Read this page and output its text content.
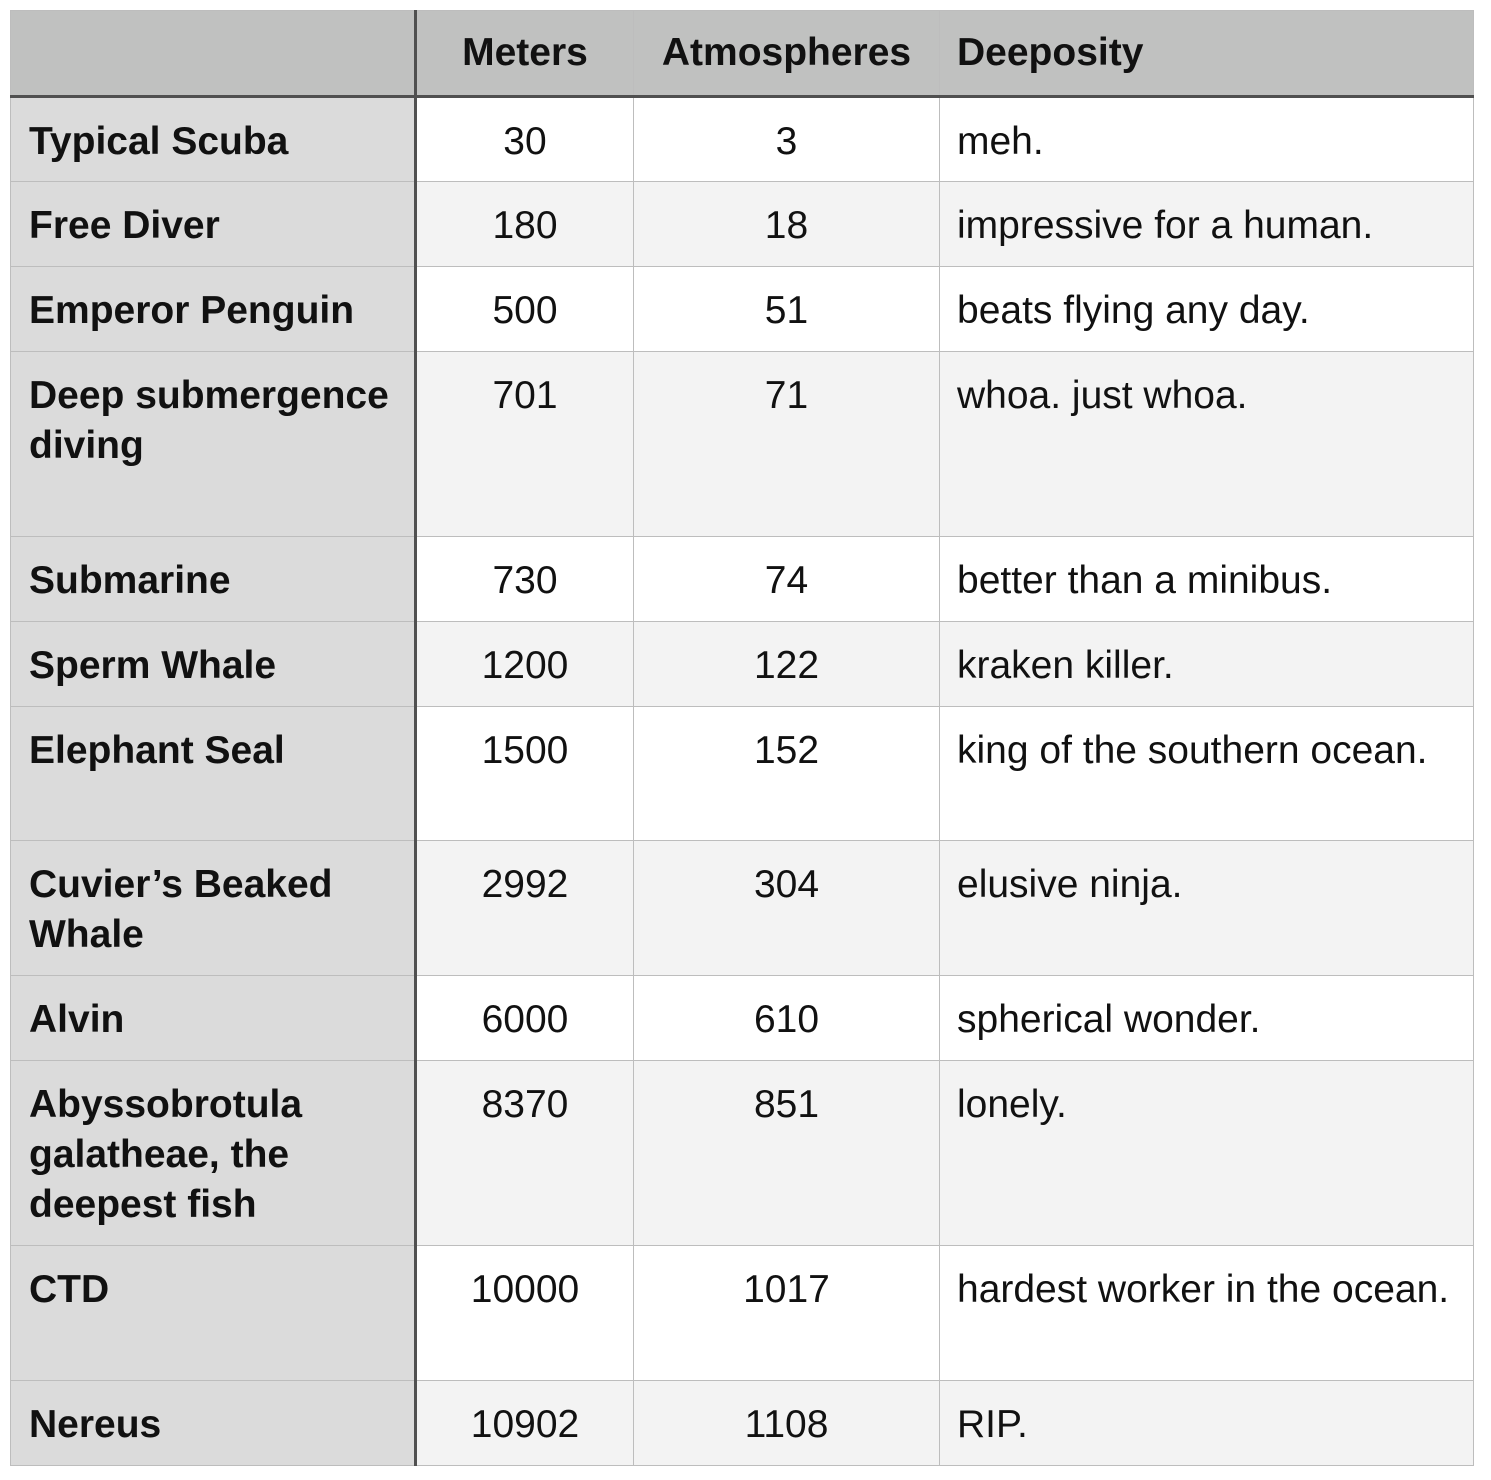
	Meters	Atmospheres	Deeposity
Typical Scuba	30	3	meh.
Free Diver	180	18	impressive for a human.
Emperor Penguin	500	51	beats flying any day.
Deep submergence diving	701	71	whoa. just whoa.
Submarine	730	74	better than a minibus.
Sperm Whale	1200	122	kraken killer.
Elephant Seal	1500	152	king of the southern ocean.
Cuvier’s Beaked Whale	2992	304	elusive ninja.
Alvin	6000	610	spherical wonder.
Abyssobrotula galatheae, the deepest fish	8370	851	lonely.
CTD	10000	1017	hardest worker in the ocean.
Nereus	10902	1108	RIP.
